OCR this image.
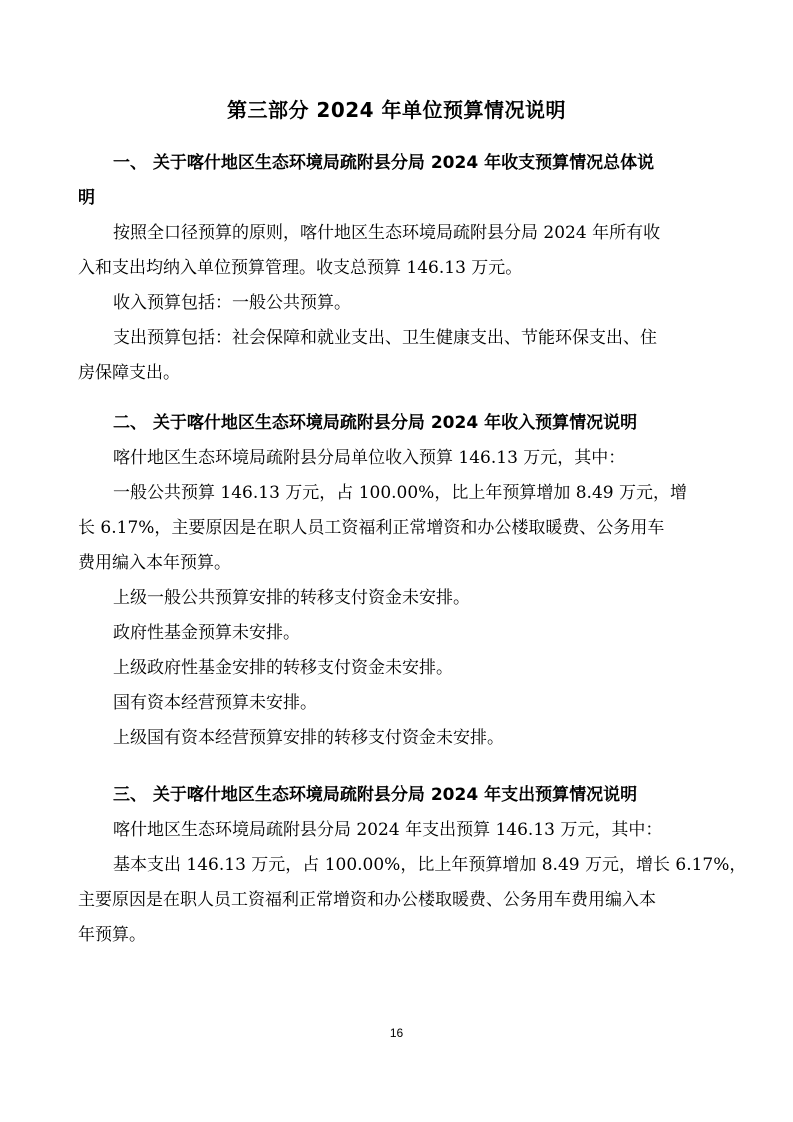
第三部分 2024 年单位预算情况说明
一、 关于喀什地区生态环境局疏附县分局 2024 年收支预算情况总体说
明
按照全口径预算的原则，喀什地区生态环境局疏附县分局 2024 年所有收
入和支出均纳入单位预算管理。收支总预算 146.13 万元。
收入预算包括：一般公共预算。
支出预算包括：社会保障和就业支出、卫生健康支出、节能环保支出、住
房保障支出。
二、 关于喀什地区生态环境局疏附县分局 2024 年收入预算情况说明
喀什地区生态环境局疏附县分局单位收入预算 146.13 万元，其中：
一般公共预算 146.13 万元，占 100.00%，比上年预算增加 8.49 万元，增
长 6.17%，主要原因是在职人员工资福利正常增资和办公楼取暖费、公务用车
费用编入本年预算。
上级一般公共预算安排的转移支付资金未安排。
政府性基金预算未安排。
上级政府性基金安排的转移支付资金未安排。
国有资本经营预算未安排。
上级国有资本经营预算安排的转移支付资金未安排。
三、 关于喀什地区生态环境局疏附县分局 2024 年支出预算情况说明
喀什地区生态环境局疏附县分局 2024 年支出预算 146.13 万元，其中：
基本支出 146.13 万元，占 100.00%，比上年预算增加 8.49 万元，增长 6.17%，
主要原因是在职人员工资福利正常增资和办公楼取暖费、公务用车费用编入本
年预算。
16
